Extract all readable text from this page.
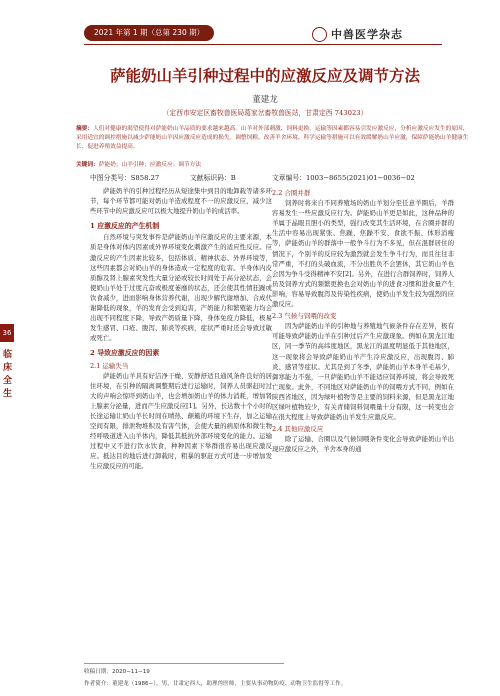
2021 年第 1 期（总第 230 期）	中兽医学杂志
萨能奶山羊引种过程中的应激反应及调节方法
董建龙
（定西市安定区畜牧兽医局葛家岔畜牧兽医站，甘肃定西 743023）
摘要：人们对健康的渴望使得对萨能奶山羊品质的要求越来越高。山羊对外部刺激、饲料更换、运输等因素都容易引发应激反应，分析应激反应发生的原因，采用适宜的调控措施以减少萨能奶山羊因应激反应造成的损失。调整饲粮、改善羊舍环境、科学运输等措施可以有效缓解奶山羊应激，保障萨能奶山羊健康生长、促进养殖效益提高。
关键词：萨能奶；山羊引种；应激反应；调节方法
中图分类号：S858.27	文献标识码：B	文章编号：1003−8655(2021)01−0036−02
36
临床全生

萨能奶羊的引种过程经历从短途集中到目的地卸载等诸多环节，每个环节都可能对奶山羊造成程度不一的应激反应，减少这些环节中的应激反应可以极大地提升奶山羊的成活率。

1 应激反应的产生机制

自然环境与突发事件是萨能奶山羊应激反应的主要来源，本质是身体对体内因素或外界环境变化刺激产生的适应性反应。应激反应的产生因素比较多，包括体质、精神状态、外界环境等，这些因素都会对奶山羊的身体造成一定程度的危害。羊身体内皮质醇及肾上腺素突发性大量分泌或较长时间处于高分泌状态，会使奶山羊处于过度亢奋或极度萎靡的状态，还会使其性情狂躁或饮食减少，进而影响身体营养代谢，出现少解代谢增加、合成代谢降低的现象，羊的发育会受到迫害，产奶能力和繁殖能力均会出现不同程度下降，导致产奶质量下降，身体免疫力降低，极易发生感冒、口疮、腹泻、肺炎等疾病，症状严重时还会导致过敏或死亡。

2 导致应激反应的因素
2.1 运输失当

萨能奶山羊具有好洁净干燥、安静舒适且通风条件良好的居住环境，在引种的隔离调整期后进行运输时，饲养人员驱赶时过大的声响会惊吓到奶山羊，也会增加奶山羊的体力消耗，增加肾上腺素分泌量，进而产生应激反应[1]。另外，长达数十个小时的长途运输让奶山羊长时间在晴热、颠簸的环境下生存，加之运输空间有限，排泄物堆积及有害气体，会使大量的病原体和微生物经呼吸道进入山羊体内，降低其抵抗外部环境变化的能力。运输过程中又不进行饮水饮食，种种因素下举群很容易出现应激反应。抵达目的地后进行卸载时，粗暴的驱赶方式可进一步增加发生应激反应的可能。

2.2 合圈并群

饲养时将来自不同养殖场的奶山羊划分至任意羊圈后，羊群容易发生一些应激反应行为。萨能奶山羊更是如此，这种品种的羊属于晶眼且胆小的类型，强行改变其生活环境，在合圈并群的生活中容易出现紧张、焦躁、焦躁不安、食欲不振、体形消瘦等，萨能奶山羊的群落中一般争斗行为不多见，但在混群居住的情况下，个别羊的反应较为激烈就会发生争斗行为，而且往往非常严重，不打的头破血流，不分出胜负不会罢休，其它奶山羊也会因为争斗受得精神不安[2]。另外，在进行合群饲养时，饲养人员及饲养方式的频繁更换也会对奶山羊的进食习惯和进食量产生影响，容易导致腹泻及传染性疾病，使奶山羊发生较为强烈的应激反应。

2.3 气候与饲喂的改变

因为萨能奶山羊的引种地与养殖地气候条件存在差异，极有可能导致萨能奶山羊在引种过后产生应激现象。例如在黑龙江地区，同一季节的高纬度地区，黑龙江的温度明显低于其他地区，这一现象将会导致萨能奶山羊产生冷应激反应，出现腹泻、肺炎、感冒等症状。尤其是到了冬季，萨能奶山羊本身羊毛基少，御寒能力不强，一旦萨能奶山羊不能适应饲养环境，将会导致死亡现象。此外，不同地区对萨能奶山羊的饲喂方式不同，例如在陕西省地区，因为绿叶植物等是主要的饲料来源，但是黑龙江地区绿叶植物较少，有关青储饲料饲喂量十分有限，这一转变也会在很大程度上导致萨能奶山羊发生应激反应。

2.4 其他应激反应

除了运输、合圈以及气候饲喂条件变化会导致萨能奶山羊出现应激反应之外，羊舍本身的通

收稿日期：2020−11−19
作者简介：董建龙（1986−），男，甘肃定西人，助理兽医师，主要从事动物防疫、动物卫生监督等工作。
